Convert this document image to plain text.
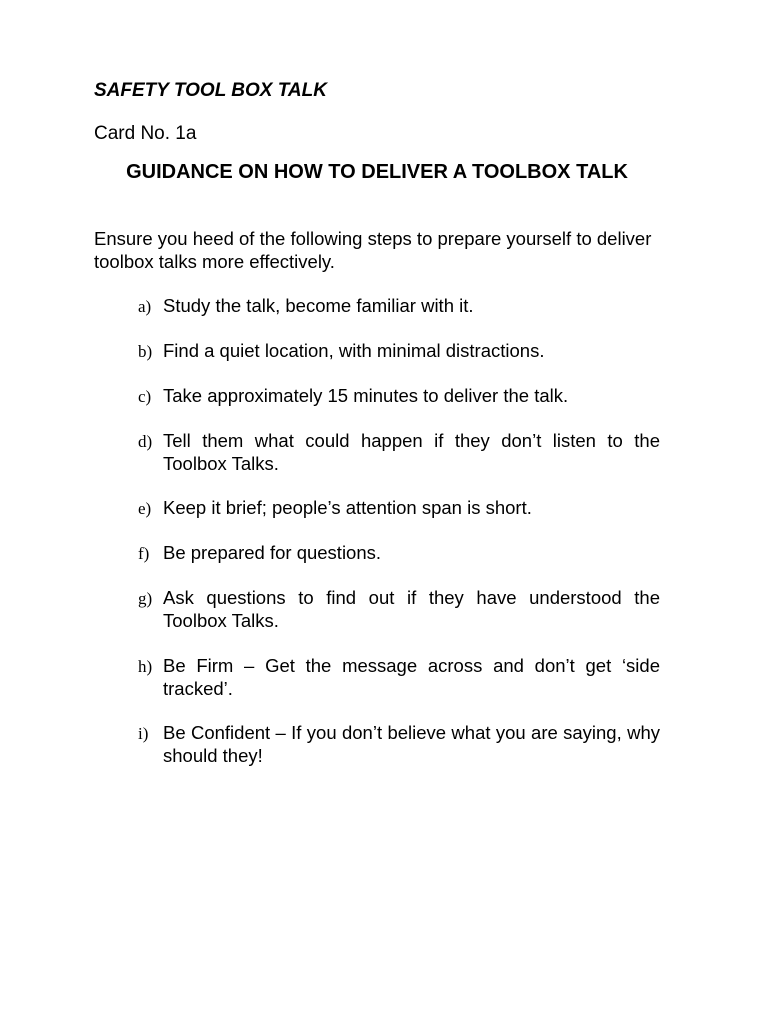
SAFETY TOOL BOX TALK
Card No. 1a
GUIDANCE ON HOW TO DELIVER A TOOLBOX TALK
Ensure you heed of the following steps to prepare yourself to deliver toolbox talks more effectively.
a) Study the talk, become familiar with it.
b) Find a quiet location, with minimal distractions.
c) Take approximately 15 minutes to deliver the talk.
d) Tell them what could happen if they don’t listen to the Toolbox Talks.
e) Keep it brief; people’s attention span is short.
f) Be prepared for questions.
g) Ask questions to find out if they have understood the Toolbox Talks.
h) Be Firm – Get the message across and don’t get ‘side tracked’.
i) Be Confident – If you don’t believe what you are saying, why should they!
